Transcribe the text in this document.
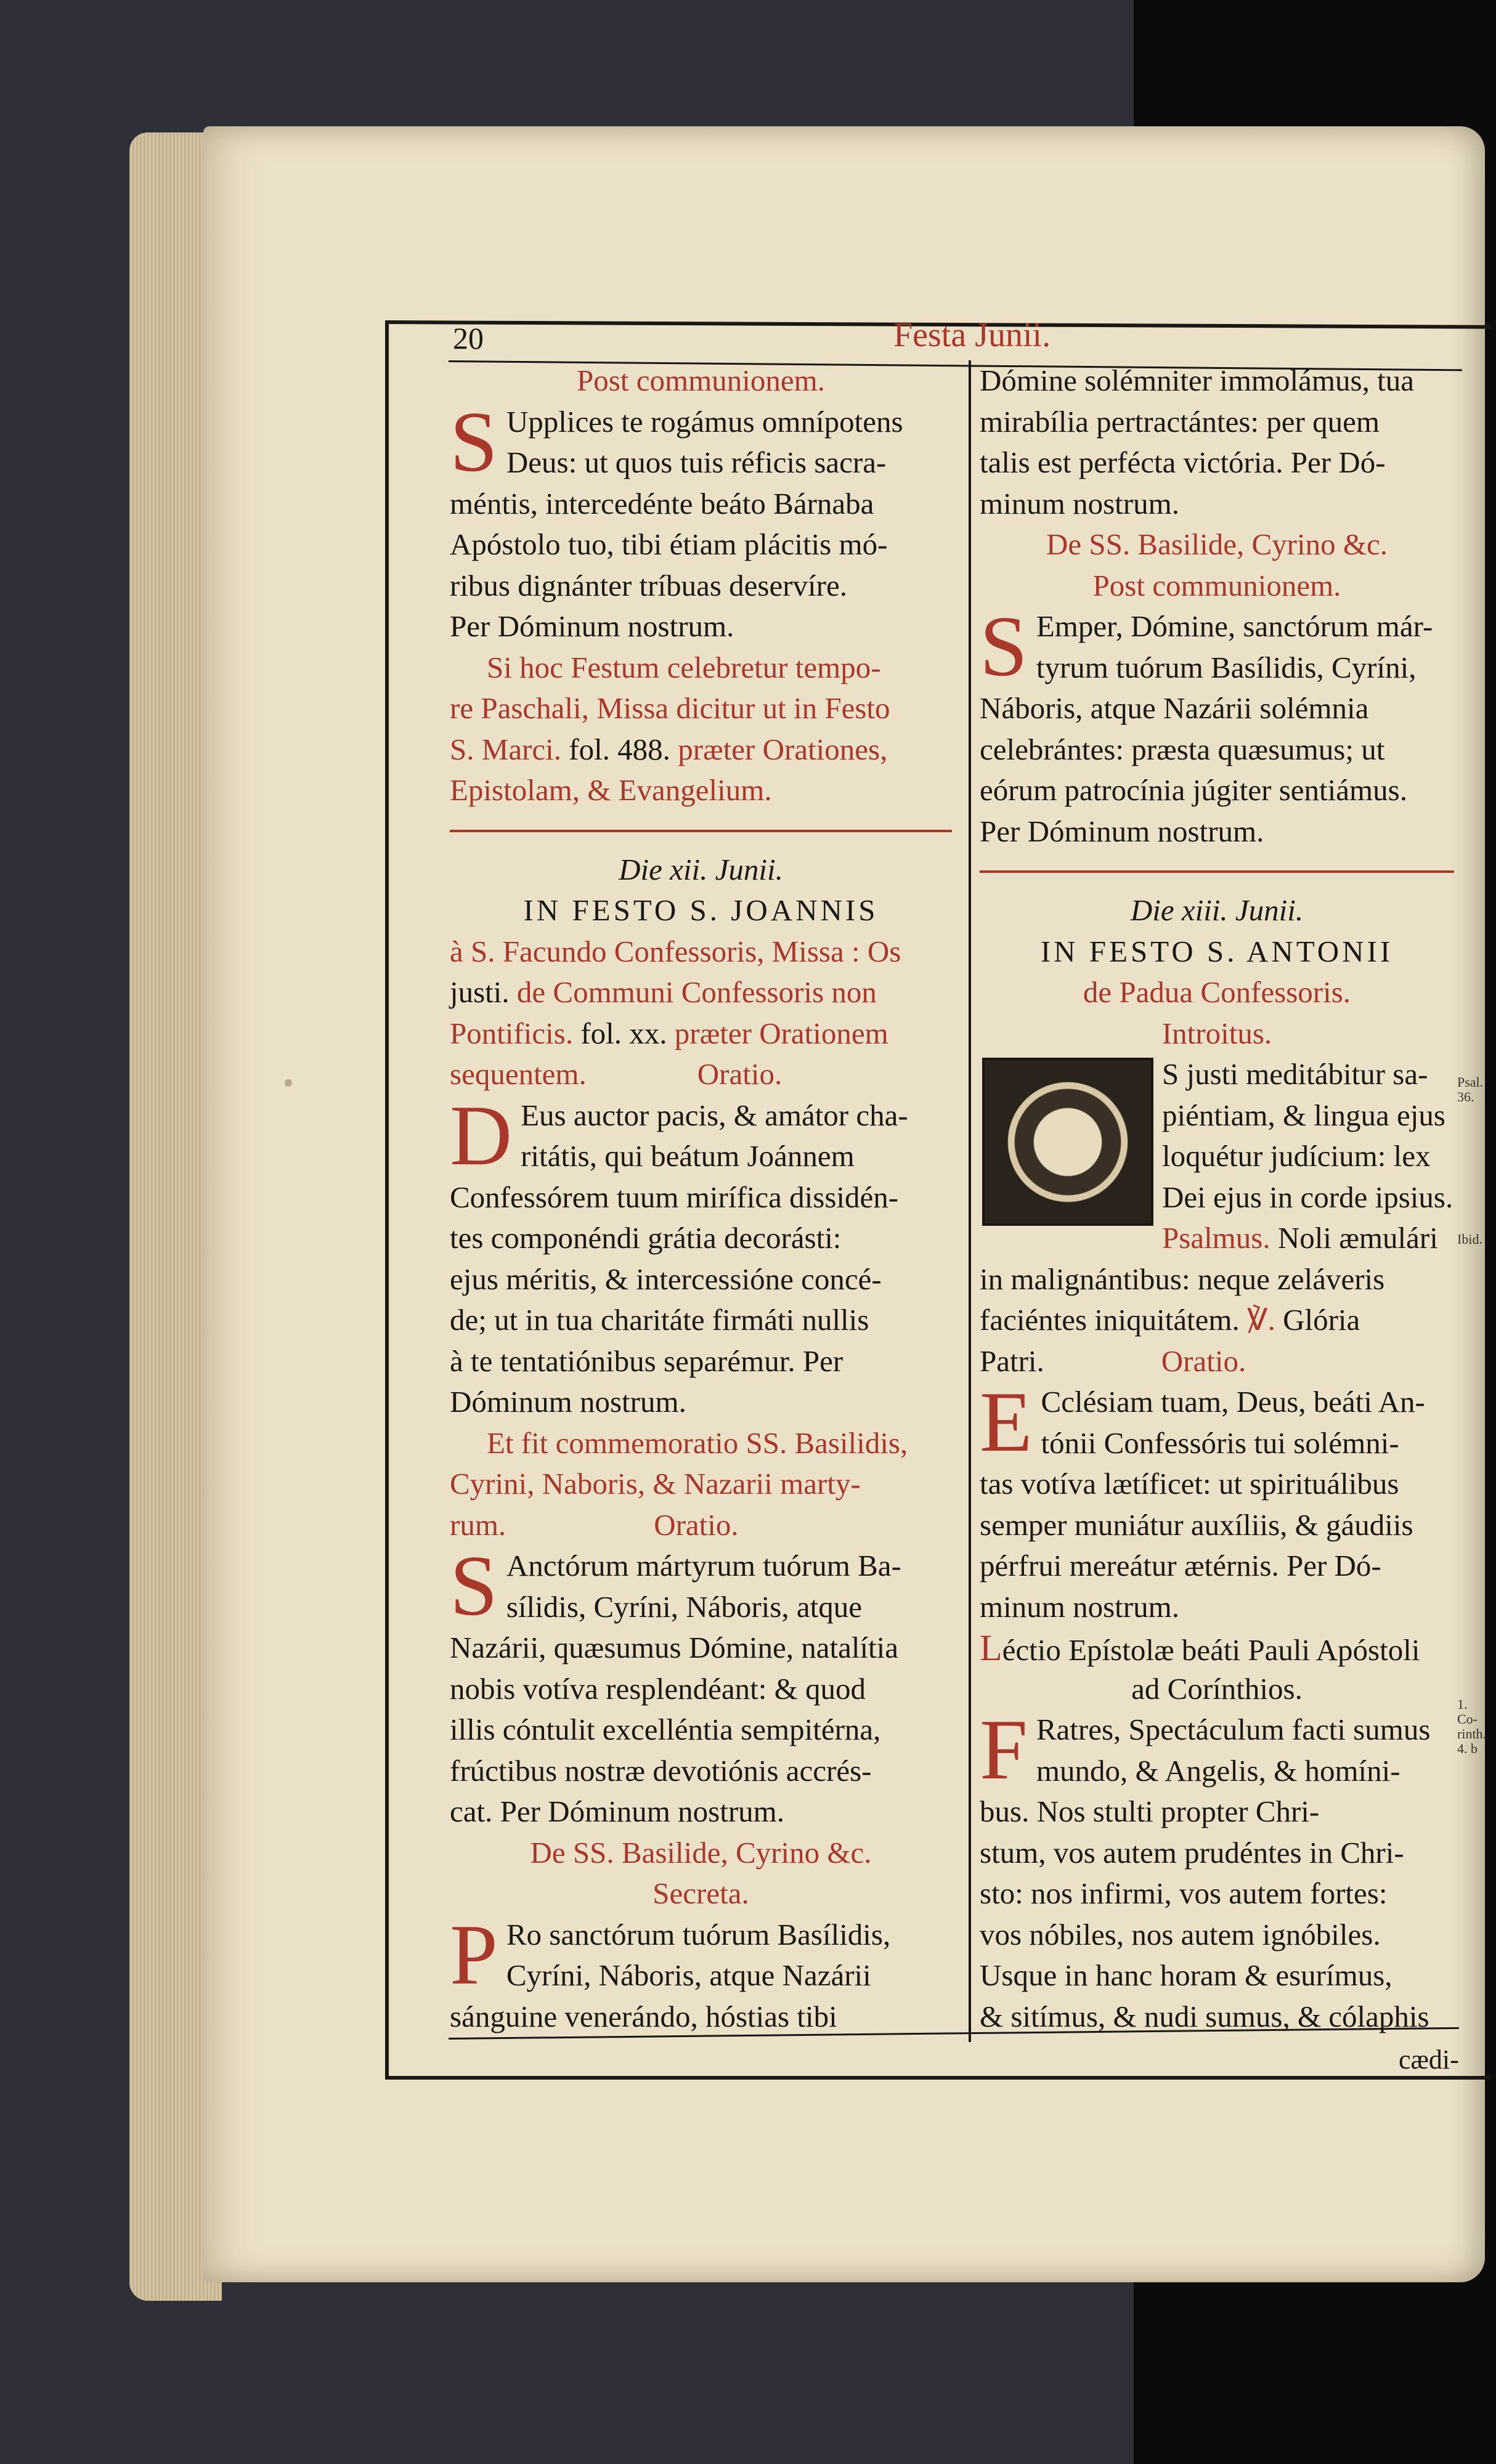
20	Festa Junii.
Post communionem.
S Upplices te rogámus omnípotens
Deus: ut quos tuis réficis sacra-
méntis, intercedénte beáto Bárnaba
Apóstolo tuo, tibi étiam plácitis mó-
ribus dignánter tríbuas deservíre.
Per Dóminum nostrum.
Si hoc Festum celebretur tempo-
re Paschali, Missa dicitur ut in Festo
S. Marci. fol. 488. præter Orationes,
Epistolam, & Evangelium.
Die xii. Junii.
IN FESTO S. JOANNIS
à S. Facundo Confessoris, Missa : Os
justi. de Communi Confessoris non
Pontificis. fol. xx. præter Orationem
sequentem.	Oratio.
D Eus auctor pacis, & amátor cha-
ritátis, qui beátum Joánnem
Confessórem tuum mirífica dissidén-
tes componéndi grátia decorásti:
ejus méritis, & intercessióne concé-
de; ut in tua charitáte firmáti nullis
à te tentatiónibus separémur. Per
Dóminum nostrum.
Et fit commemoratio SS. Basilidis,
Cyrini, Naboris, & Nazarii marty-
rum.	Oratio.
S Anctórum mártyrum tuórum Ba-
sílidis, Cyríni, Náboris, atque
Nazárii, quæsumus Dómine, natalítia
nobis votíva resplendéant: & quod
illis cóntulit excelléntia sempitérna,
frúctibus nostræ devotiónis accrés-
cat. Per Dóminum nostrum.
De SS. Basilide, Cyrino &c.
Secreta.
P Ro sanctórum tuórum Basílidis,
Cyríni, Náboris, atque Nazárii
sánguine venerándo, hóstias tibi
Dómine solémniter immolámus, tua
mirabília pertractántes: per quem
talis est perfécta victória. Per Dó-
minum nostrum.
De SS. Basilide, Cyrino &c.
Post communionem.
S Emper, Dómine, sanctórum már-
tyrum tuórum Basílidis, Cyríni,
Náboris, atque Nazárii solémnia
celebrántes: præsta quæsumus; ut
eórum patrocínia júgiter sentiámus.
Per Dóminum nostrum.
Die xiii. Junii.
IN FESTO S. ANTONII
de Padua Confessoris.
Introitus.
S justi meditábitur sa-
piéntiam, & lingua ejus
loquétur judícium: lex
Dei ejus in corde ipsius.
Psalmus. Noli æmulári
in malignántibus: neque zeláveris
faciéntes iniquitátem. ℣. Glória
Patri.	Oratio.
E Cclésiam tuam, Deus, beáti An-
tónii Confessóris tui solémni-
tas votíva lætíficet: ut spirituálibus
semper muniátur auxíliis, & gáudiis
pérfrui mereátur ætérnis. Per Dó-
minum nostrum.
Léctio Epístolæ beáti Pauli Apóstoli
ad Corínthios.
F Ratres, Spectáculum facti sumus
mundo, & Angelis, & homíni-
bus. Nos stulti propter Chri-
stum, vos autem prudéntes in Chri-
sto: nos infirmi, vos autem fortes:
vos nóbiles, nos autem ignóbiles.
Usque in hanc horam & esurímus,
& sitímus, & nudi sumus, & cólaphis
Psal. 36.
Ibid.
1. Co- rinth. 4. b
cædi-
